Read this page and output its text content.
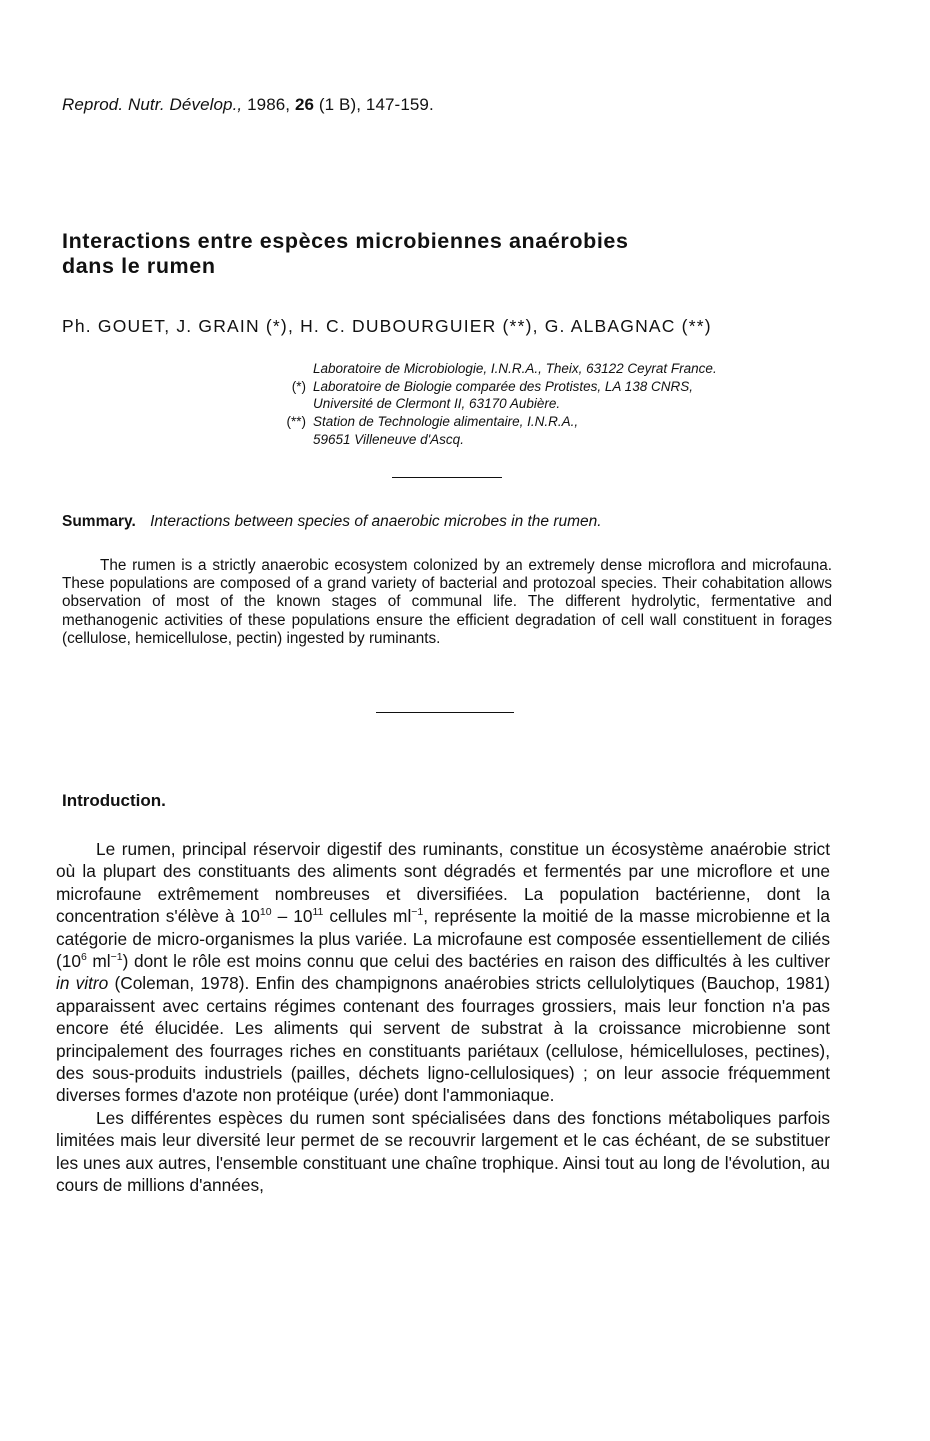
Reprod. Nutr. Dévelop., 1986, 26 (1 B), 147-159.
Interactions entre espèces microbiennes anaérobies
dans le rumen
Ph. GOUET, J. GRAIN (*), H. C. DUBOURGUIER (**), G. ALBAGNAC (**)
Laboratoire de Microbiologie, I.N.R.A., Theix, 63122 Ceyrat France.
(*) Laboratoire de Biologie comparée des Protistes, LA 138 CNRS,
Université de Clermont II, 63170 Aubière.
(**) Station de Technologie alimentaire, I.N.R.A.,
59651 Villeneuve d'Ascq.
Summary. Interactions between species of anaerobic microbes in the rumen.

The rumen is a strictly anaerobic ecosystem colonized by an extremely dense microflora and microfauna. These populations are composed of a grand variety of bacterial and protozoal species. Their cohabitation allows observation of most of the known stages of communal life. The different hydrolytic, fermentative and methanogenic activities of these populations ensure the efficient degradation of cell wall constituent in forages (cellulose, hemicellulose, pectin) ingested by ruminants.

Introduction.

Le rumen, principal réservoir digestif des ruminants, constitue un écosystème anaérobie strict où la plupart des constituants des aliments sont dégradés et fermentés par une microflore et une microfaune extrêmement nombreuses et diversifiées. La population bactérienne, dont la concentration s'élève à $10^{10} - 10^{11}$ cellules $ml^{-1}$, représente la moitié de la masse microbienne et la catégorie de micro-organismes la plus variée. La microfaune est composée essentiellement de ciliés ($10^6$ $ml^{-1}$) dont le rôle est moins connu que celui des bactéries en raison des difficultés à les cultiver in vitro (Coleman, 1978). Enfin des champignons anaérobies stricts cellulolytiques (Bauchop, 1981) apparaissent avec certains régimes contenant des fourrages grossiers, mais leur fonction n'a pas encore été élucidée. Les aliments qui servent de substrat à la croissance microbienne sont principalement des fourrages riches en constituants pariétaux (cellulose, hémicelluloses, pectines), des sous-produits industriels (pailles, déchets ligno-cellulosiques) ; on leur associe fréquemment diverses formes d'azote non protéique (urée) dont l'ammoniaque.

Les différentes espèces du rumen sont spécialisées dans des fonctions métaboliques parfois limitées mais leur diversité leur permet de se recouvrir largement et le cas échéant, de se substituer les unes aux autres, l'ensemble constituant une chaîne trophique. Ainsi tout au long de l'évolution, au cours de millions d'années,
